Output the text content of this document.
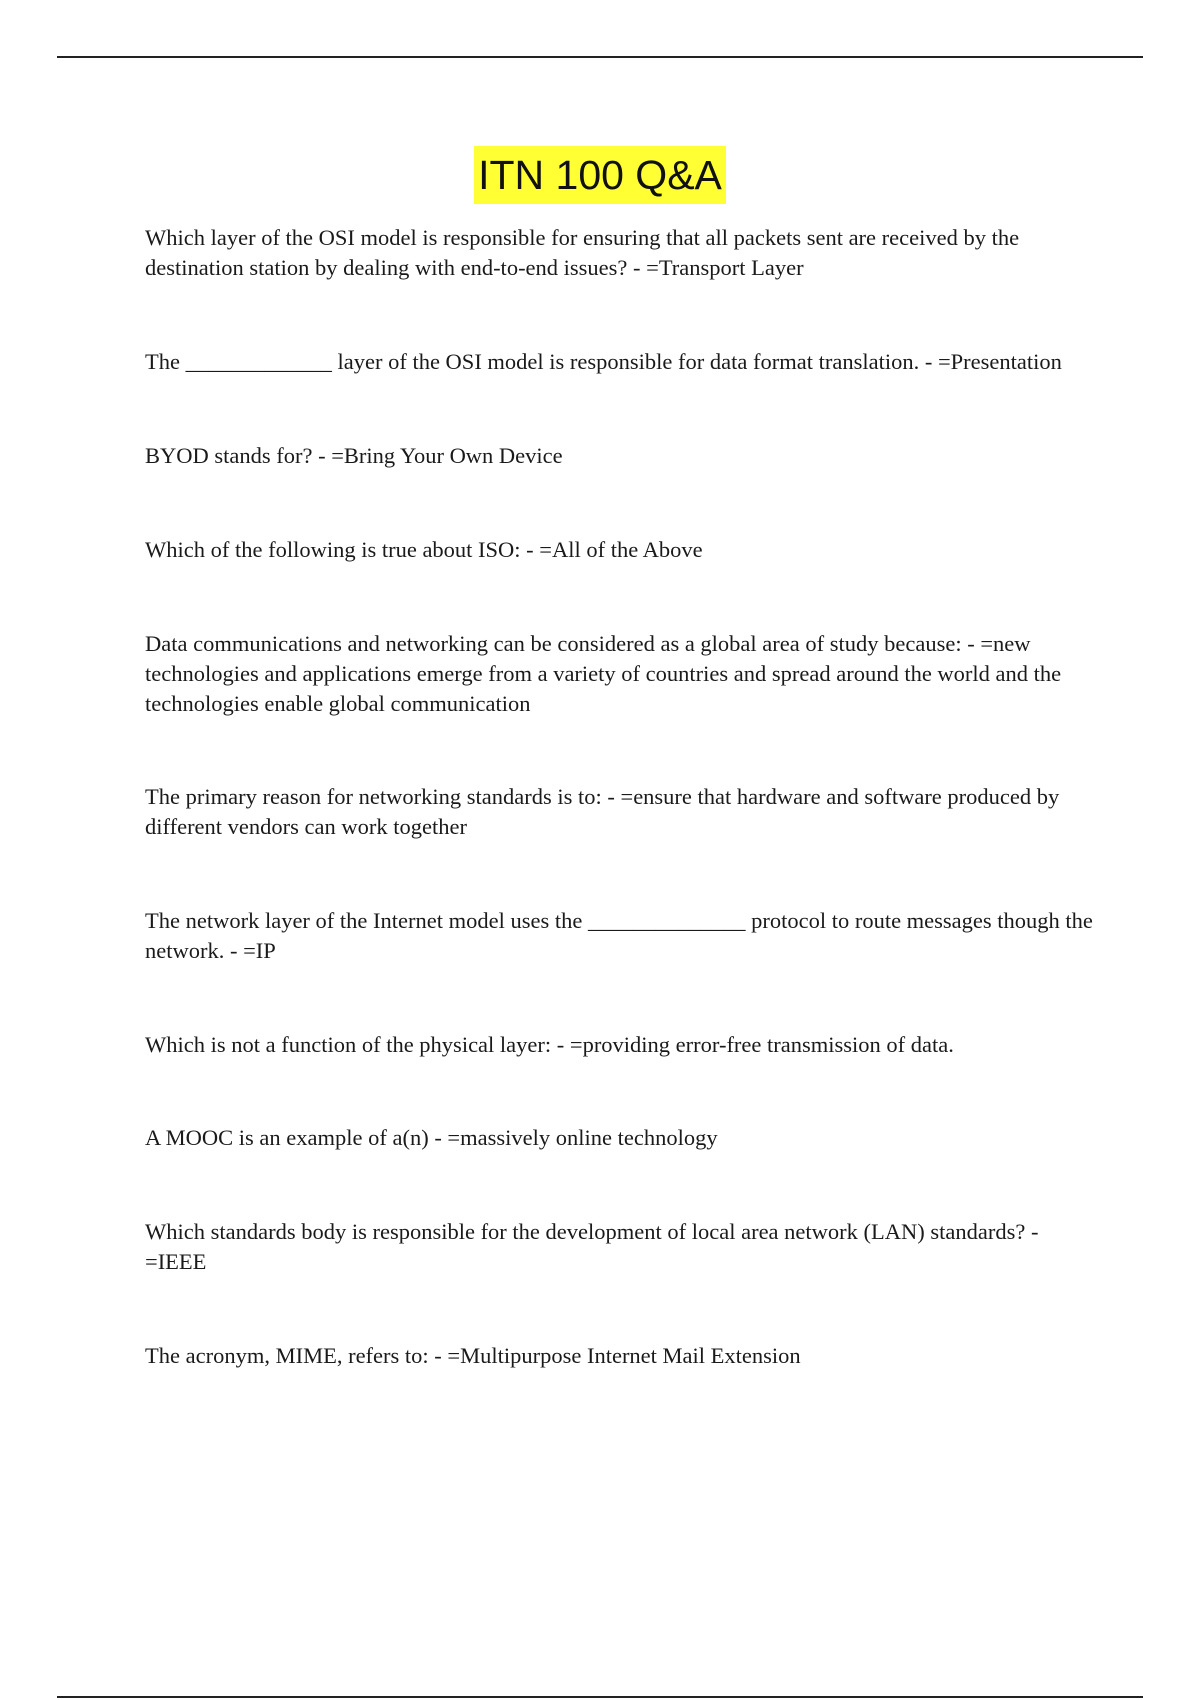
ITN 100 Q&A
Which layer of the OSI model is responsible for ensuring that all packets sent are received by the destination station by dealing with end-to-end issues? - =Transport Layer
The _____________ layer of the OSI model is responsible for data format translation. - =Presentation
BYOD stands for? - =Bring Your Own Device
Which of the following is true about ISO: - =All of the Above
Data communications and networking can be considered as a global area of study because: - =new technologies and applications emerge from a variety of countries and spread around the world and the technologies enable global communication
The primary reason for networking standards is to: - =ensure that hardware and software produced by different vendors can work together
The network layer of the Internet model uses the ______________ protocol to route messages though the network. - =IP
Which is not a function of the physical layer: - =providing error-free transmission of data.
A MOOC is an example of a(n) - =massively online technology
Which standards body is responsible for the development of local area network (LAN) standards? - =IEEE
The acronym, MIME, refers to: - =Multipurpose Internet Mail Extension
